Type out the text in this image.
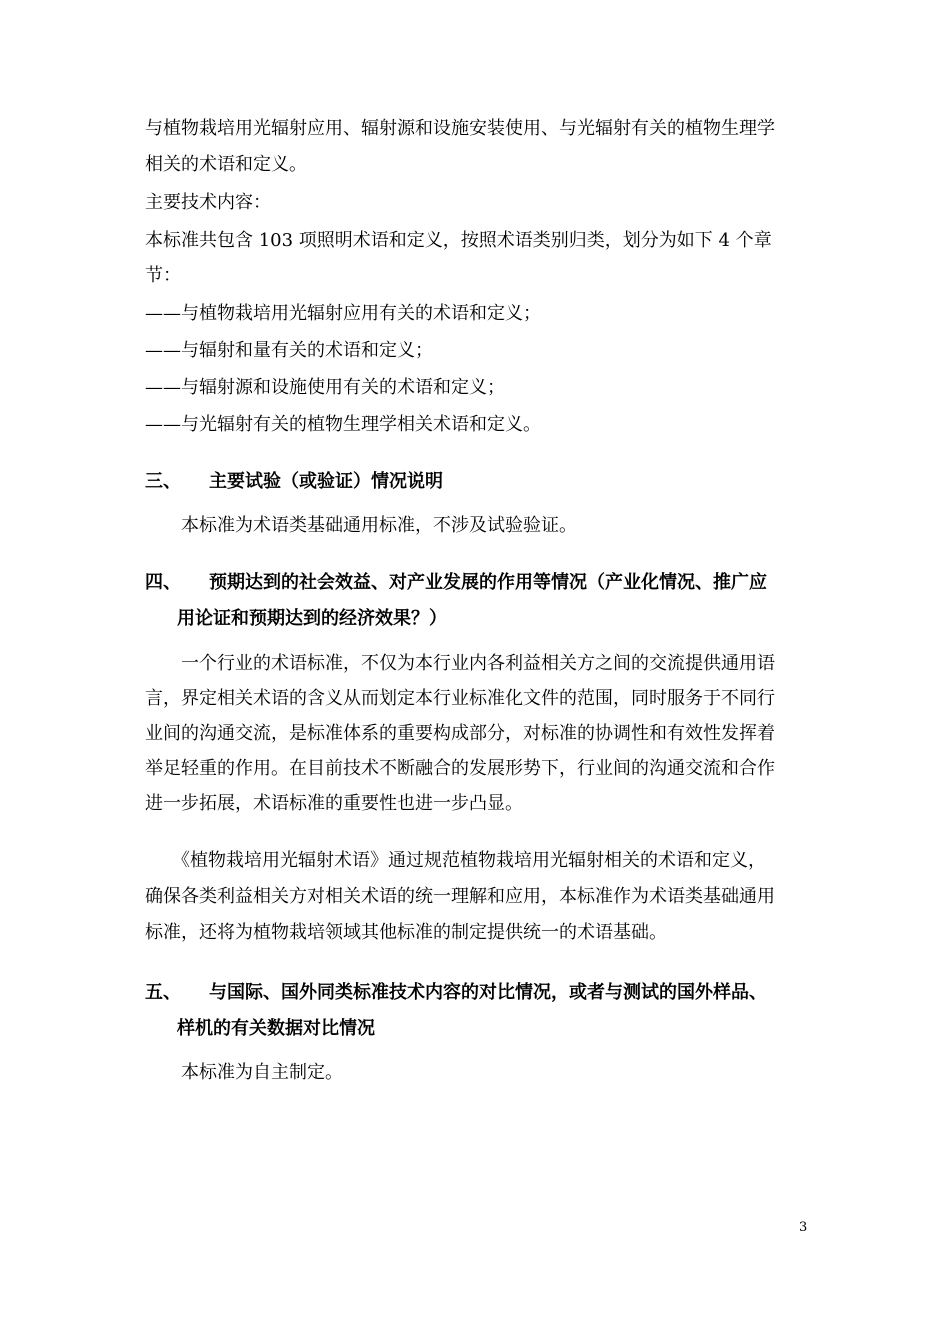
与植物栽培用光辐射应用、辐射源和设施安装使用、与光辐射有关的植物生理学
相关的术语和定义。
主要技术内容：
本标准共包含 103 项照明术语和定义，按照术语类别归类，划分为如下 4 个章
节：
——与植物栽培用光辐射应用有关的术语和定义；
——与辐射和量有关的术语和定义；
——与辐射源和设施使用有关的术语和定义；
——与光辐射有关的植物生理学相关术语和定义。
三、 主要试验（或验证）情况说明
本标准为术语类基础通用标准，不涉及试验验证。
四、 预期达到的社会效益、对产业发展的作用等情况（产业化情况、推广应
用论证和预期达到的经济效果？）
一个行业的术语标准，不仅为本行业内各利益相关方之间的交流提供通用语
言，界定相关术语的含义从而划定本行业标准化文件的范围，同时服务于不同行
业间的沟通交流，是标准体系的重要构成部分，对标准的协调性和有效性发挥着
举足轻重的作用。在目前技术不断融合的发展形势下，行业间的沟通交流和合作
进一步拓展，术语标准的重要性也进一步凸显。
《植物栽培用光辐射术语》通过规范植物栽培用光辐射相关的术语和定义，
确保各类利益相关方对相关术语的统一理解和应用，本标准作为术语类基础通用
标准，还将为植物栽培领域其他标准的制定提供统一的术语基础。
五、 与国际、国外同类标准技术内容的对比情况，或者与测试的国外样品、
样机的有关数据对比情况
本标准为自主制定。
3
